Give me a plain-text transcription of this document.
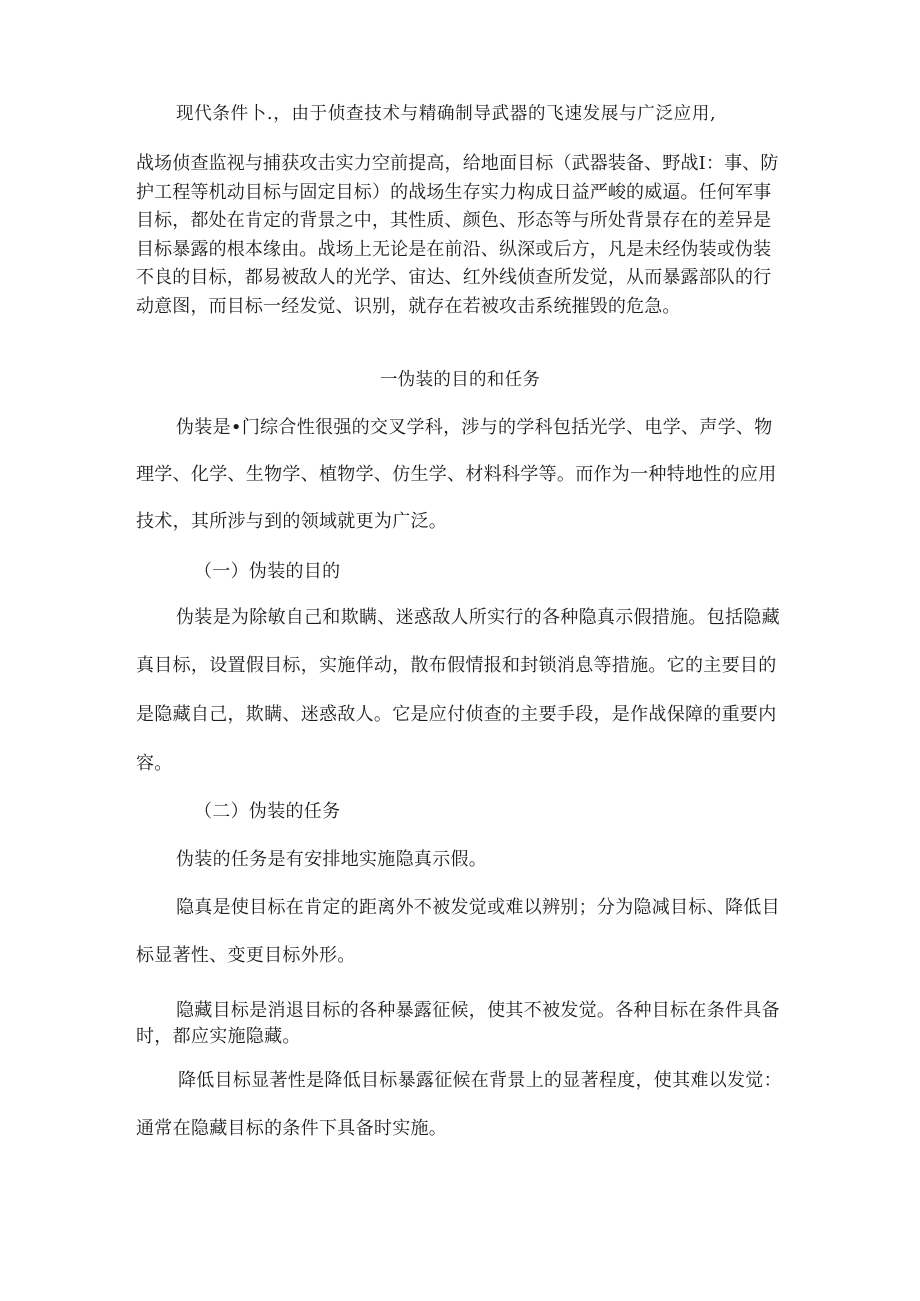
现代条件卜.，由于侦查技术与精确制导武器的飞速发展与广泛应用,

战场侦查监视与捕获攻击实力空前提高，给地面目标（武器装备、野战I：事、防

护工程等机动目标与固定目标）的战场生存实力构成日益严峻的威逼。任何军事

目标，都处在肯定的背景之中，其性质、颜色、形态等与所处背景存在的差异是

目标暴露的根本缘由。战场上无论是在前沿、纵深或后方，凡是未经伪装或伪装

不良的目标，都易被敌人的光学、宙达、红外线侦查所发觉，从而暴露部队的行

动意图，而目标一经发觉、识别，就存在若被攻击系统摧毁的危急。

一伪装的目的和任务

伪装是•门综合性很强的交叉学科，涉与的学科包括光学、电学、声学、物

理学、化学、生物学、植物学、仿生学、材料科学等。而作为一种特地性的应用

技术，其所涉与到的领域就更为广泛。

（一）伪装的目的

伪装是为除敏自己和欺瞒、迷惑敌人所实行的各种隐真示假措施。包括隐藏

真目标，设置假目标，实施佯动，散布假情报和封锁消息等措施。它的主要目的

是隐藏自己，欺瞒、迷惑敌人。它是应付侦查的主要手段，是作战保障的重要内

容。

（二）伪装的任务

伪装的任务是有安排地实施隐真示假。

隐真是使目标在肯定的距离外不被发觉或难以辨别；分为隐减目标、降低目

标显著性、变更目标外形。

隐藏目标是消退目标的各种暴露征候，使其不被发觉。各种目标在条件具备

时，都应实施隐藏。

降低目标显著性是降低目标暴露征候在背景上的显著程度，使其难以发觉：

通常在隐藏目标的条件下具备时实施。
